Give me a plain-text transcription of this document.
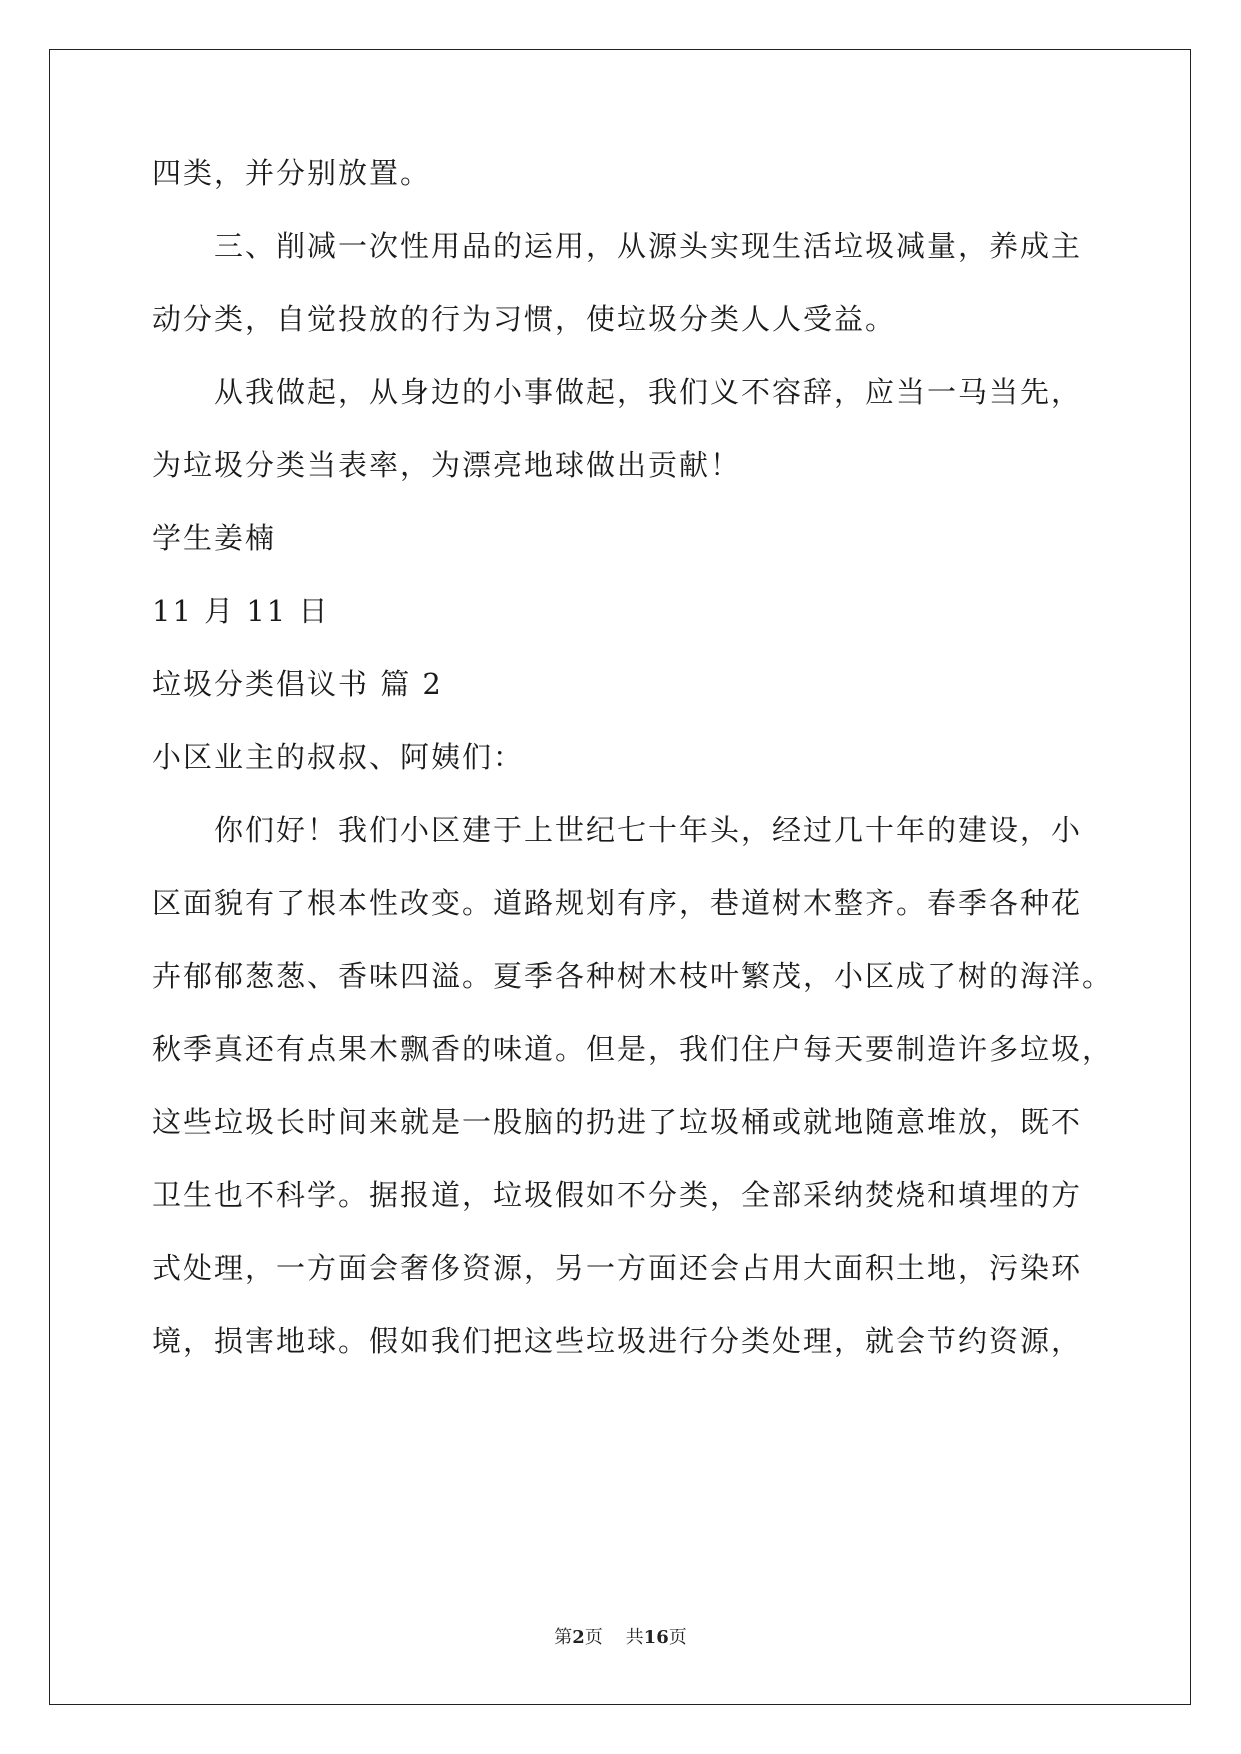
四类，并分别放置。
三、削减一次性用品的运用，从源头实现生活垃圾减量，养成主
动分类，自觉投放的行为习惯，使垃圾分类人人受益。
从我做起，从身边的小事做起，我们义不容辞，应当一马当先，
为垃圾分类当表率，为漂亮地球做出贡献！
学生姜楠
11 月 11 日
垃圾分类倡议书 篇 2
小区业主的叔叔、阿姨们：
你们好！我们小区建于上世纪七十年头，经过几十年的建设，小
区面貌有了根本性改变。道路规划有序，巷道树木整齐。春季各种花
卉郁郁葱葱、香味四溢。夏季各种树木枝叶繁茂，小区成了树的海洋。
秋季真还有点果木飘香的味道。但是，我们住户每天要制造许多垃圾，
这些垃圾长时间来就是一股脑的扔进了垃圾桶或就地随意堆放，既不
卫生也不科学。据报道，垃圾假如不分类，全部采纳焚烧和填埋的方
式处理，一方面会奢侈资源，另一方面还会占用大面积土地，污染环
境，损害地球。假如我们把这些垃圾进行分类处理，就会节约资源，
第2页 共16页
